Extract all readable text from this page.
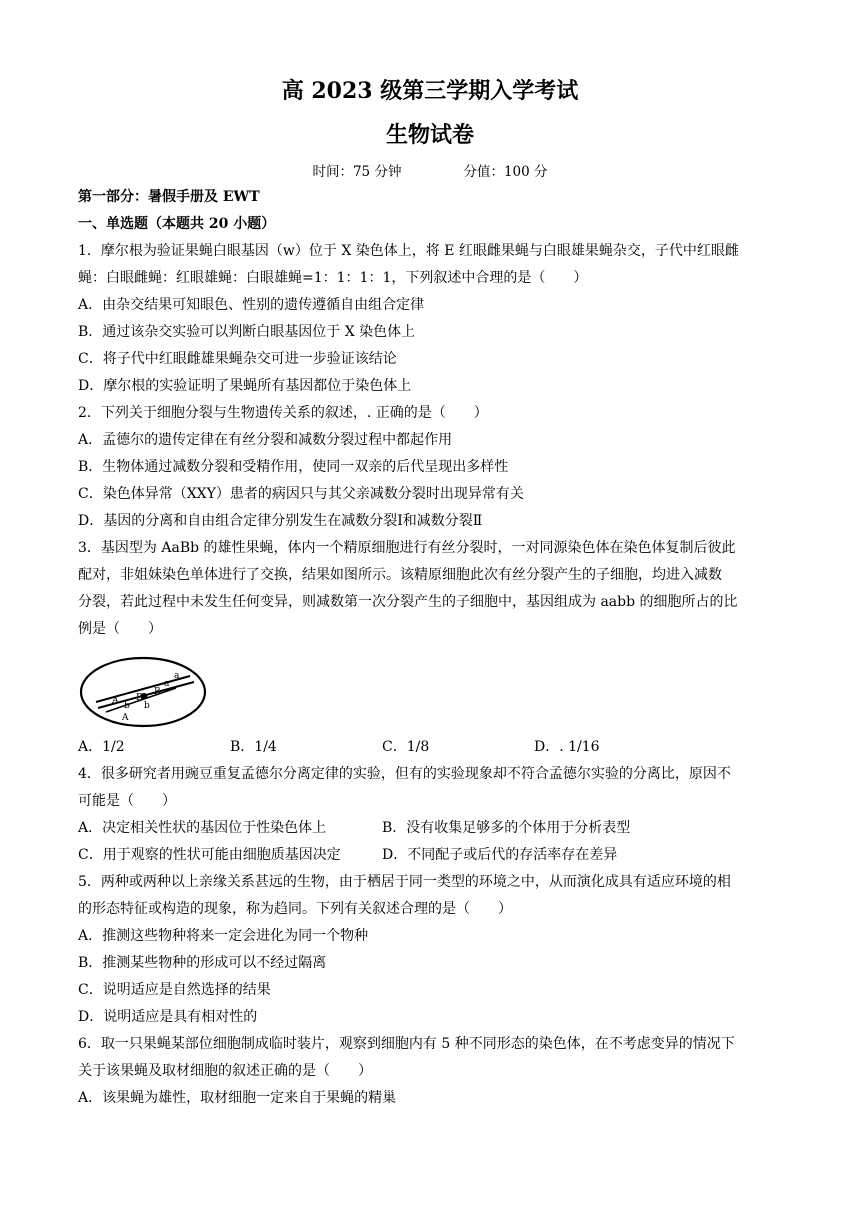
高 2023 级第三学期入学考试
生物试卷
时间：75 分钟	分值：100 分
第一部分：暑假手册及 EWT
一、单选题（本题共 20 小题）
1．摩尔根为验证果蝇白眼基因（w）位于 X 染色体上，将 E 红眼雌果蝇与白眼雄果蝇杂交，子代中红眼雌
蝇：白眼雌蝇：红眼雄蝇：白眼雄蝇=1：1：1：1，下列叙述中合理的是（　　）
A．由杂交结果可知眼色、性别的遗传遵循自由组合定律
B．通过该杂交实验可以判断白眼基因位于 X 染色体上
C．将子代中红眼雌雄果蝇杂交可进一步验证该结论
D．摩尔根的实验证明了果蝇所有基因都位于染色体上
2．下列关于细胞分裂与生物遗传关系的叙述，. 正确的是（　　）
A．孟德尔的遗传定律在有丝分裂和减数分裂过程中都起作用
B．生物体通过减数分裂和受精作用，使同一双亲的后代呈现出多样性
C．染色体异常（XXY）患者的病因只与其父亲减数分裂时出现异常有关
D．基因的分离和自由组合定律分别发生在减数分裂Ⅰ和减数分裂Ⅱ
3．基因型为 AaBb 的雄性果蝇，体内一个精原细胞进行有丝分裂时，一对同源染色体在染色体复制后彼此
配对，非姐妹染色单体进行了交换，结果如图所示。该精原细胞此次有丝分裂产生的子细胞，均进入减数
分裂，若此过程中未发生任何变异，则减数第一次分裂产生的子细胞中，基因组成为 aabb 的细胞所占的比
例是（　　）
A b
B
a
a
b
B
A
A．1/2	B．1/4	C．1/8	D．. 1/16
4．很多研究者用豌豆重复孟德尔分离定律的实验，但有的实验现象却不符合孟德尔实验的分离比，原因不
可能是（　　）
A．决定相关性状的基因位于性染色体上	B．没有收集足够多的个体用于分析表型
C．用于观察的性状可能由细胞质基因决定	D．不同配子或后代的存活率存在差异
5．两种或两种以上亲缘关系甚远的生物，由于栖居于同一类型的环境之中，从而演化成具有适应环境的相
的形态特征或构造的现象，称为趋同。下列有关叙述合理的是（　　）
A．推测这些物种将来一定会进化为同一个物种
B．推测某些物种的形成可以不经过隔离
C．说明适应是自然选择的结果
D．说明适应是具有相对性的
6．取一只果蝇某部位细胞制成临时装片，观察到细胞内有 5 种不同形态的染色体，在不考虑变异的情况下
关于该果蝇及取材细胞的叙述正确的是（　　）
A．该果蝇为雄性，取材细胞一定来自于果蝇的精巢
